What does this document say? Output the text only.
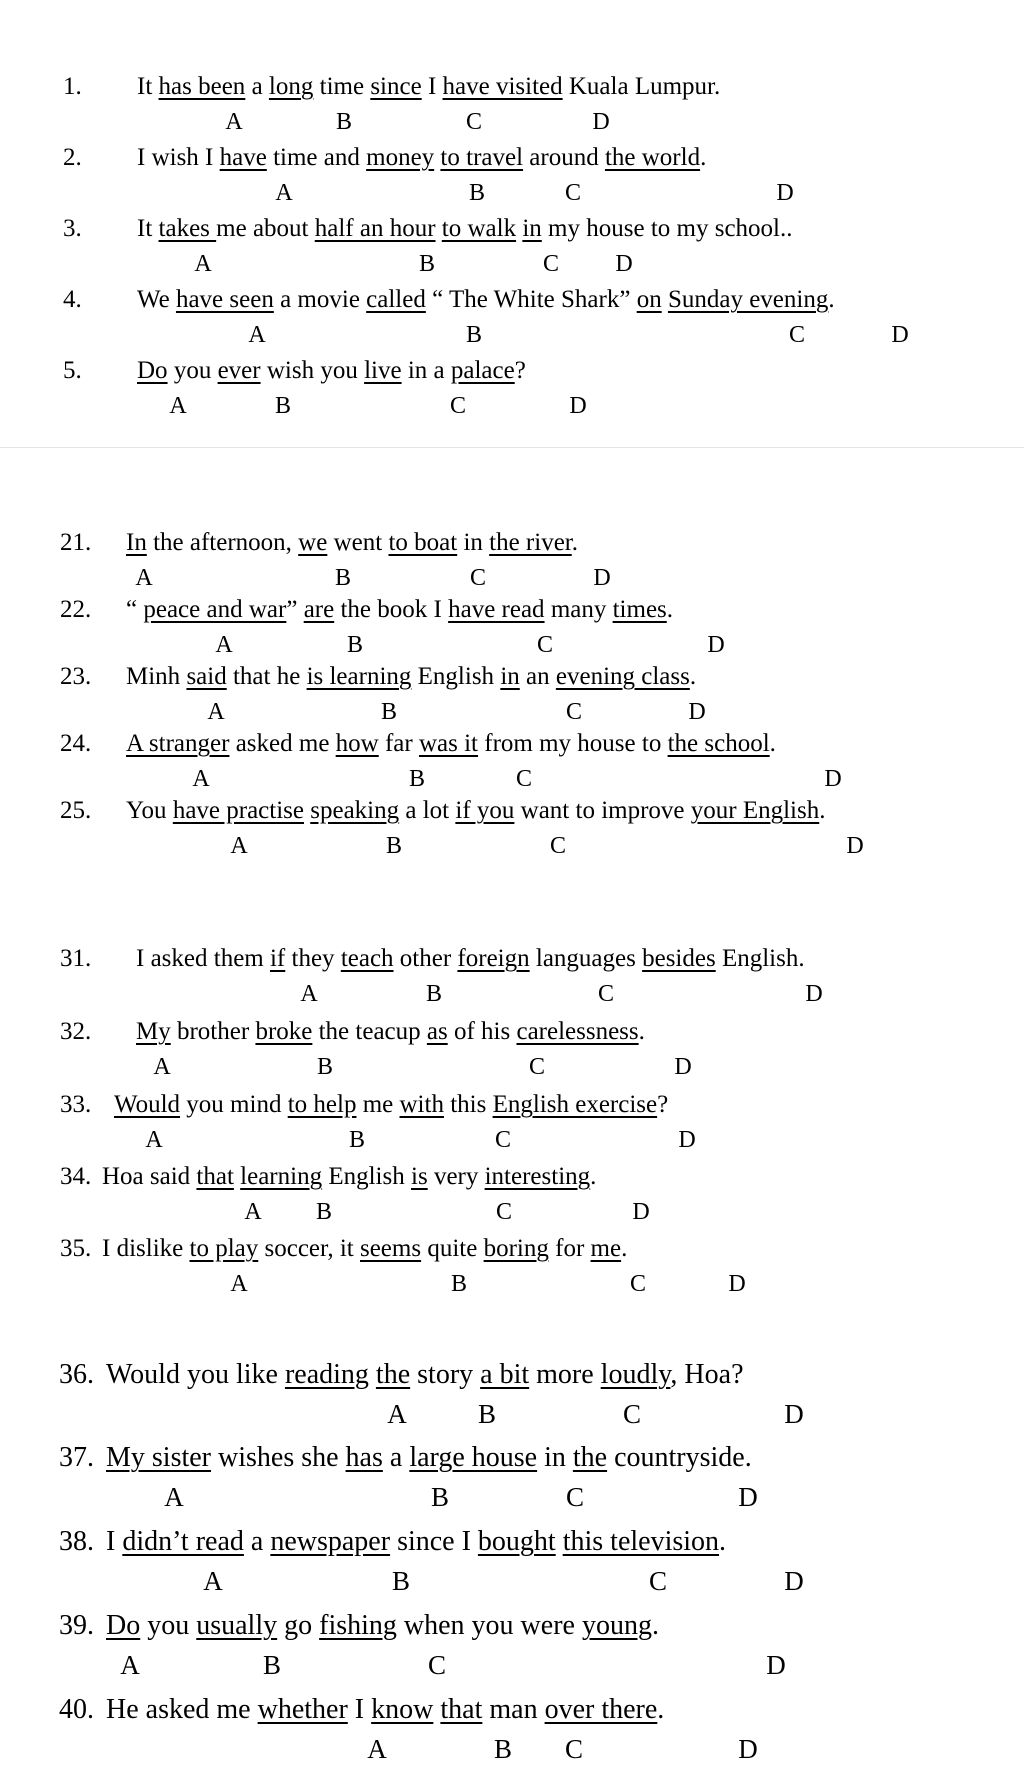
1. It has been a long time since I have visited Kuala Lumpur.
A	B	C	D
2. I wish I have time and money to travel around the world.
A	B	C	D
3. It takes me about half an hour to walk in my house to my school..
A	B	C D
4. We have seen a movie called “ The White Shark” on Sunday evening.
A	B	C	D
5. Do you ever wish you live in a palace?
A	B	C	D
21. In the afternoon, we went to boat in the river.
A	B	C	D
22. “ peace and war” are the book I have read many times.
A	B	C	D
23. Minh said that he is learning English in an evening class.
A	B	C	D
24. A stranger asked me how far was it from my house to the school.
A	B	C	D
25. You have practise speaking a lot if you want to improve your English.
A	B	C	D
31. I asked them if they teach other foreign languages besides English.
A	B	C	D
32. My brother broke the teacup as of his carelessness.
A	B	C	D
33. Would you mind to help me with this English exercise?
A	B	C	D
34. Hoa said that learning English is very interesting.
A B	C	D
35. I dislike to play soccer, it seems quite boring for me.
A	B	C	D
36. Would you like reading the story a bit more loudly, Hoa?
A	B	C	D
37. My sister wishes she has a large house in the countryside.
A	B	C	D
38. I didn’t read a newspaper since I bought this television.
A	B	C	D
39. Do you usually go fishing when you were young.
A	B	C	D
40. He asked me whether I know that man over there.
A	B C	D
